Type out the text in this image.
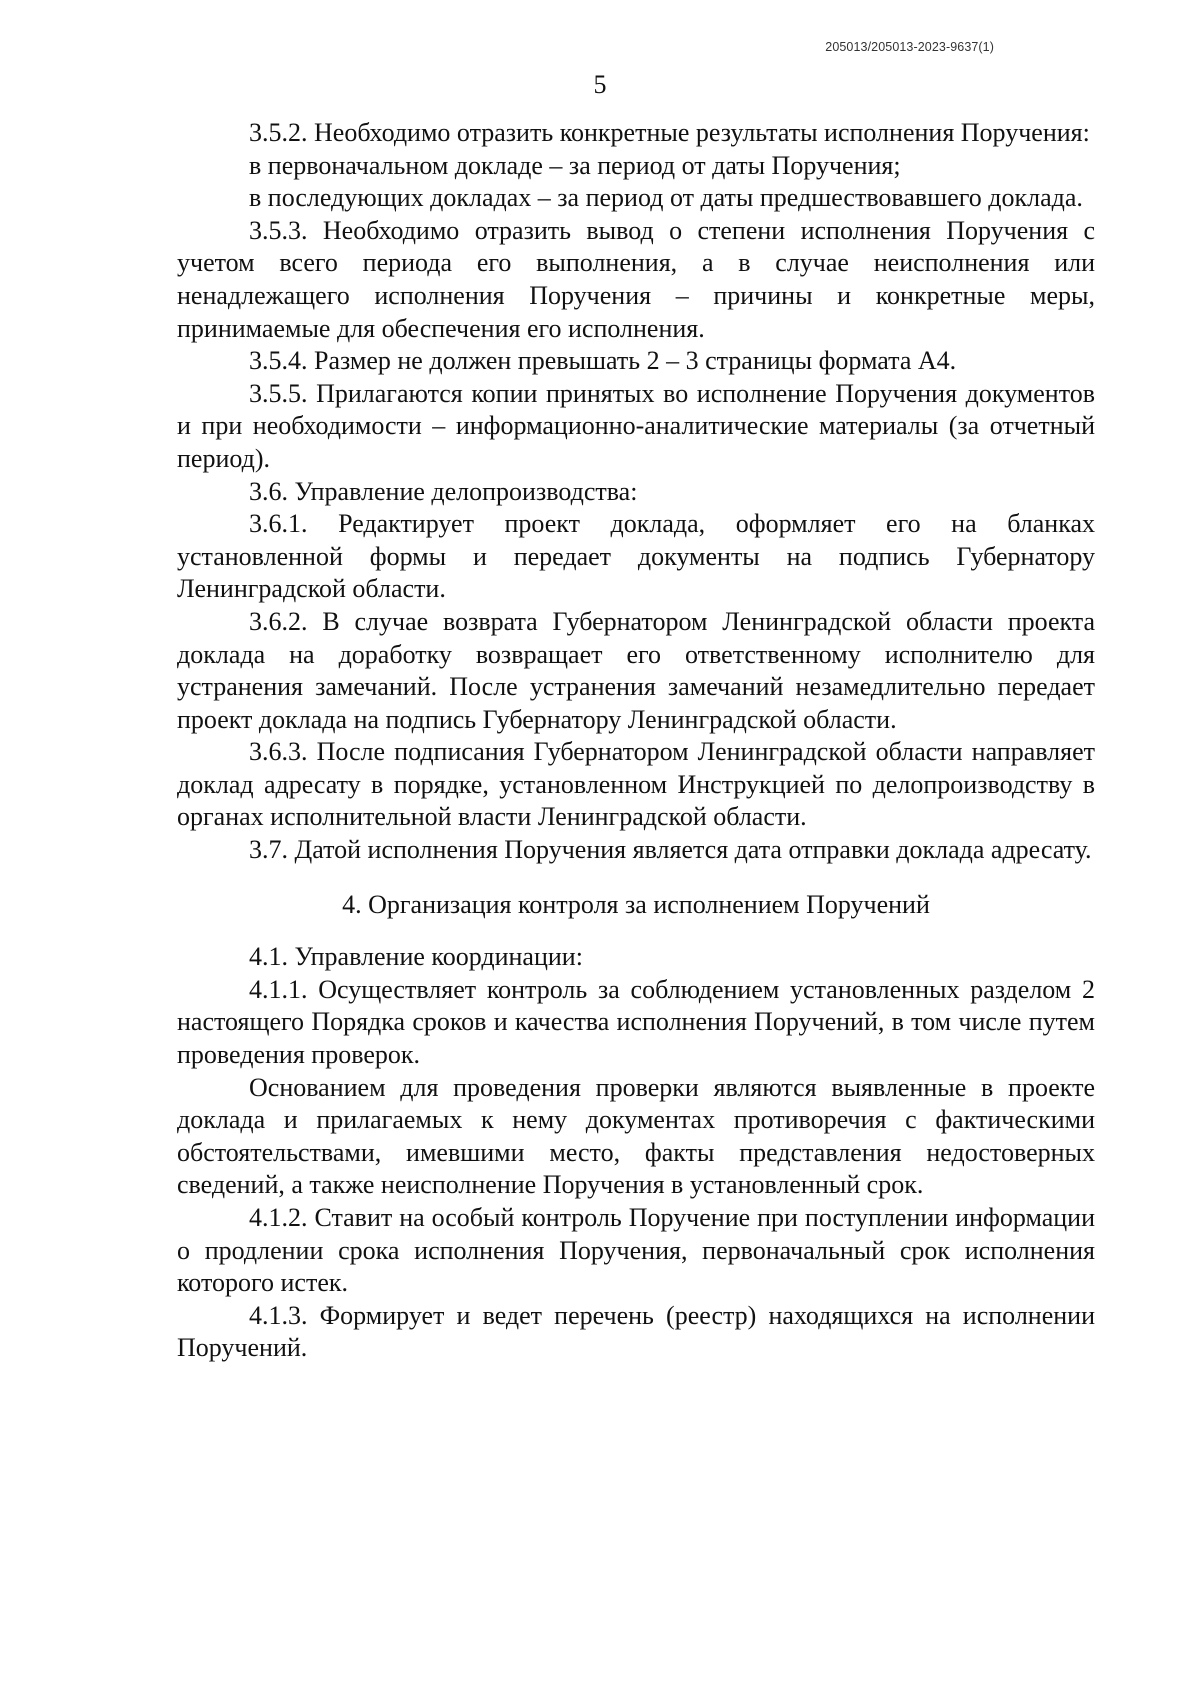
205013/205013-2023-9637(1)
5

3.5.2. Необходимо отразить конкретные результаты исполнения Поручения:

в первоначальном докладе – за период от даты Поручения;

в последующих докладах – за период от даты предшествовавшего доклада.

3.5.3. Необходимо отразить вывод о степени исполнения Поручения с учетом всего периода его выполнения, а в случае неисполнения или ненадлежащего исполнения Поручения – причины и конкретные меры, принимаемые для обеспечения его исполнения.

3.5.4. Размер не должен превышать 2 – 3 страницы формата А4.

3.5.5. Прилагаются копии принятых во исполнение Поручения документов и при необходимости – информационно-аналитические материалы (за отчетный период).

3.6. Управление делопроизводства:

3.6.1. Редактирует проект доклада, оформляет его на бланках установленной формы и передает документы на подпись Губернатору Ленинградской области.

3.6.2. В случае возврата Губернатором Ленинградской области проекта доклада на доработку возвращает его ответственному исполнителю для устранения замечаний. После устранения замечаний незамедлительно передает проект доклада на подпись Губернатору Ленинградской области.

3.6.3. После подписания Губернатором Ленинградской области направляет доклад адресату в порядке, установленном Инструкцией по делопроизводству в органах исполнительной власти Ленинградской области.

3.7. Датой исполнения Поручения является дата отправки доклада адресату.

4. Организация контроля за исполнением Поручений

4.1. Управление координации:

4.1.1. Осуществляет контроль за соблюдением установленных разделом 2 настоящего Порядка сроков и качества исполнения Поручений, в том числе путем проведения проверок.

Основанием для проведения проверки являются выявленные в проекте доклада и прилагаемых к нему документах противоречия с фактическими обстоятельствами, имевшими место, факты представления недостоверных сведений, а также неисполнение Поручения в установленный срок.

4.1.2. Ставит на особый контроль Поручение при поступлении информации о продлении срока исполнения Поручения, первоначальный срок исполнения которого истек.

4.1.3. Формирует и ведет перечень (реестр) находящихся на исполнении Поручений.
